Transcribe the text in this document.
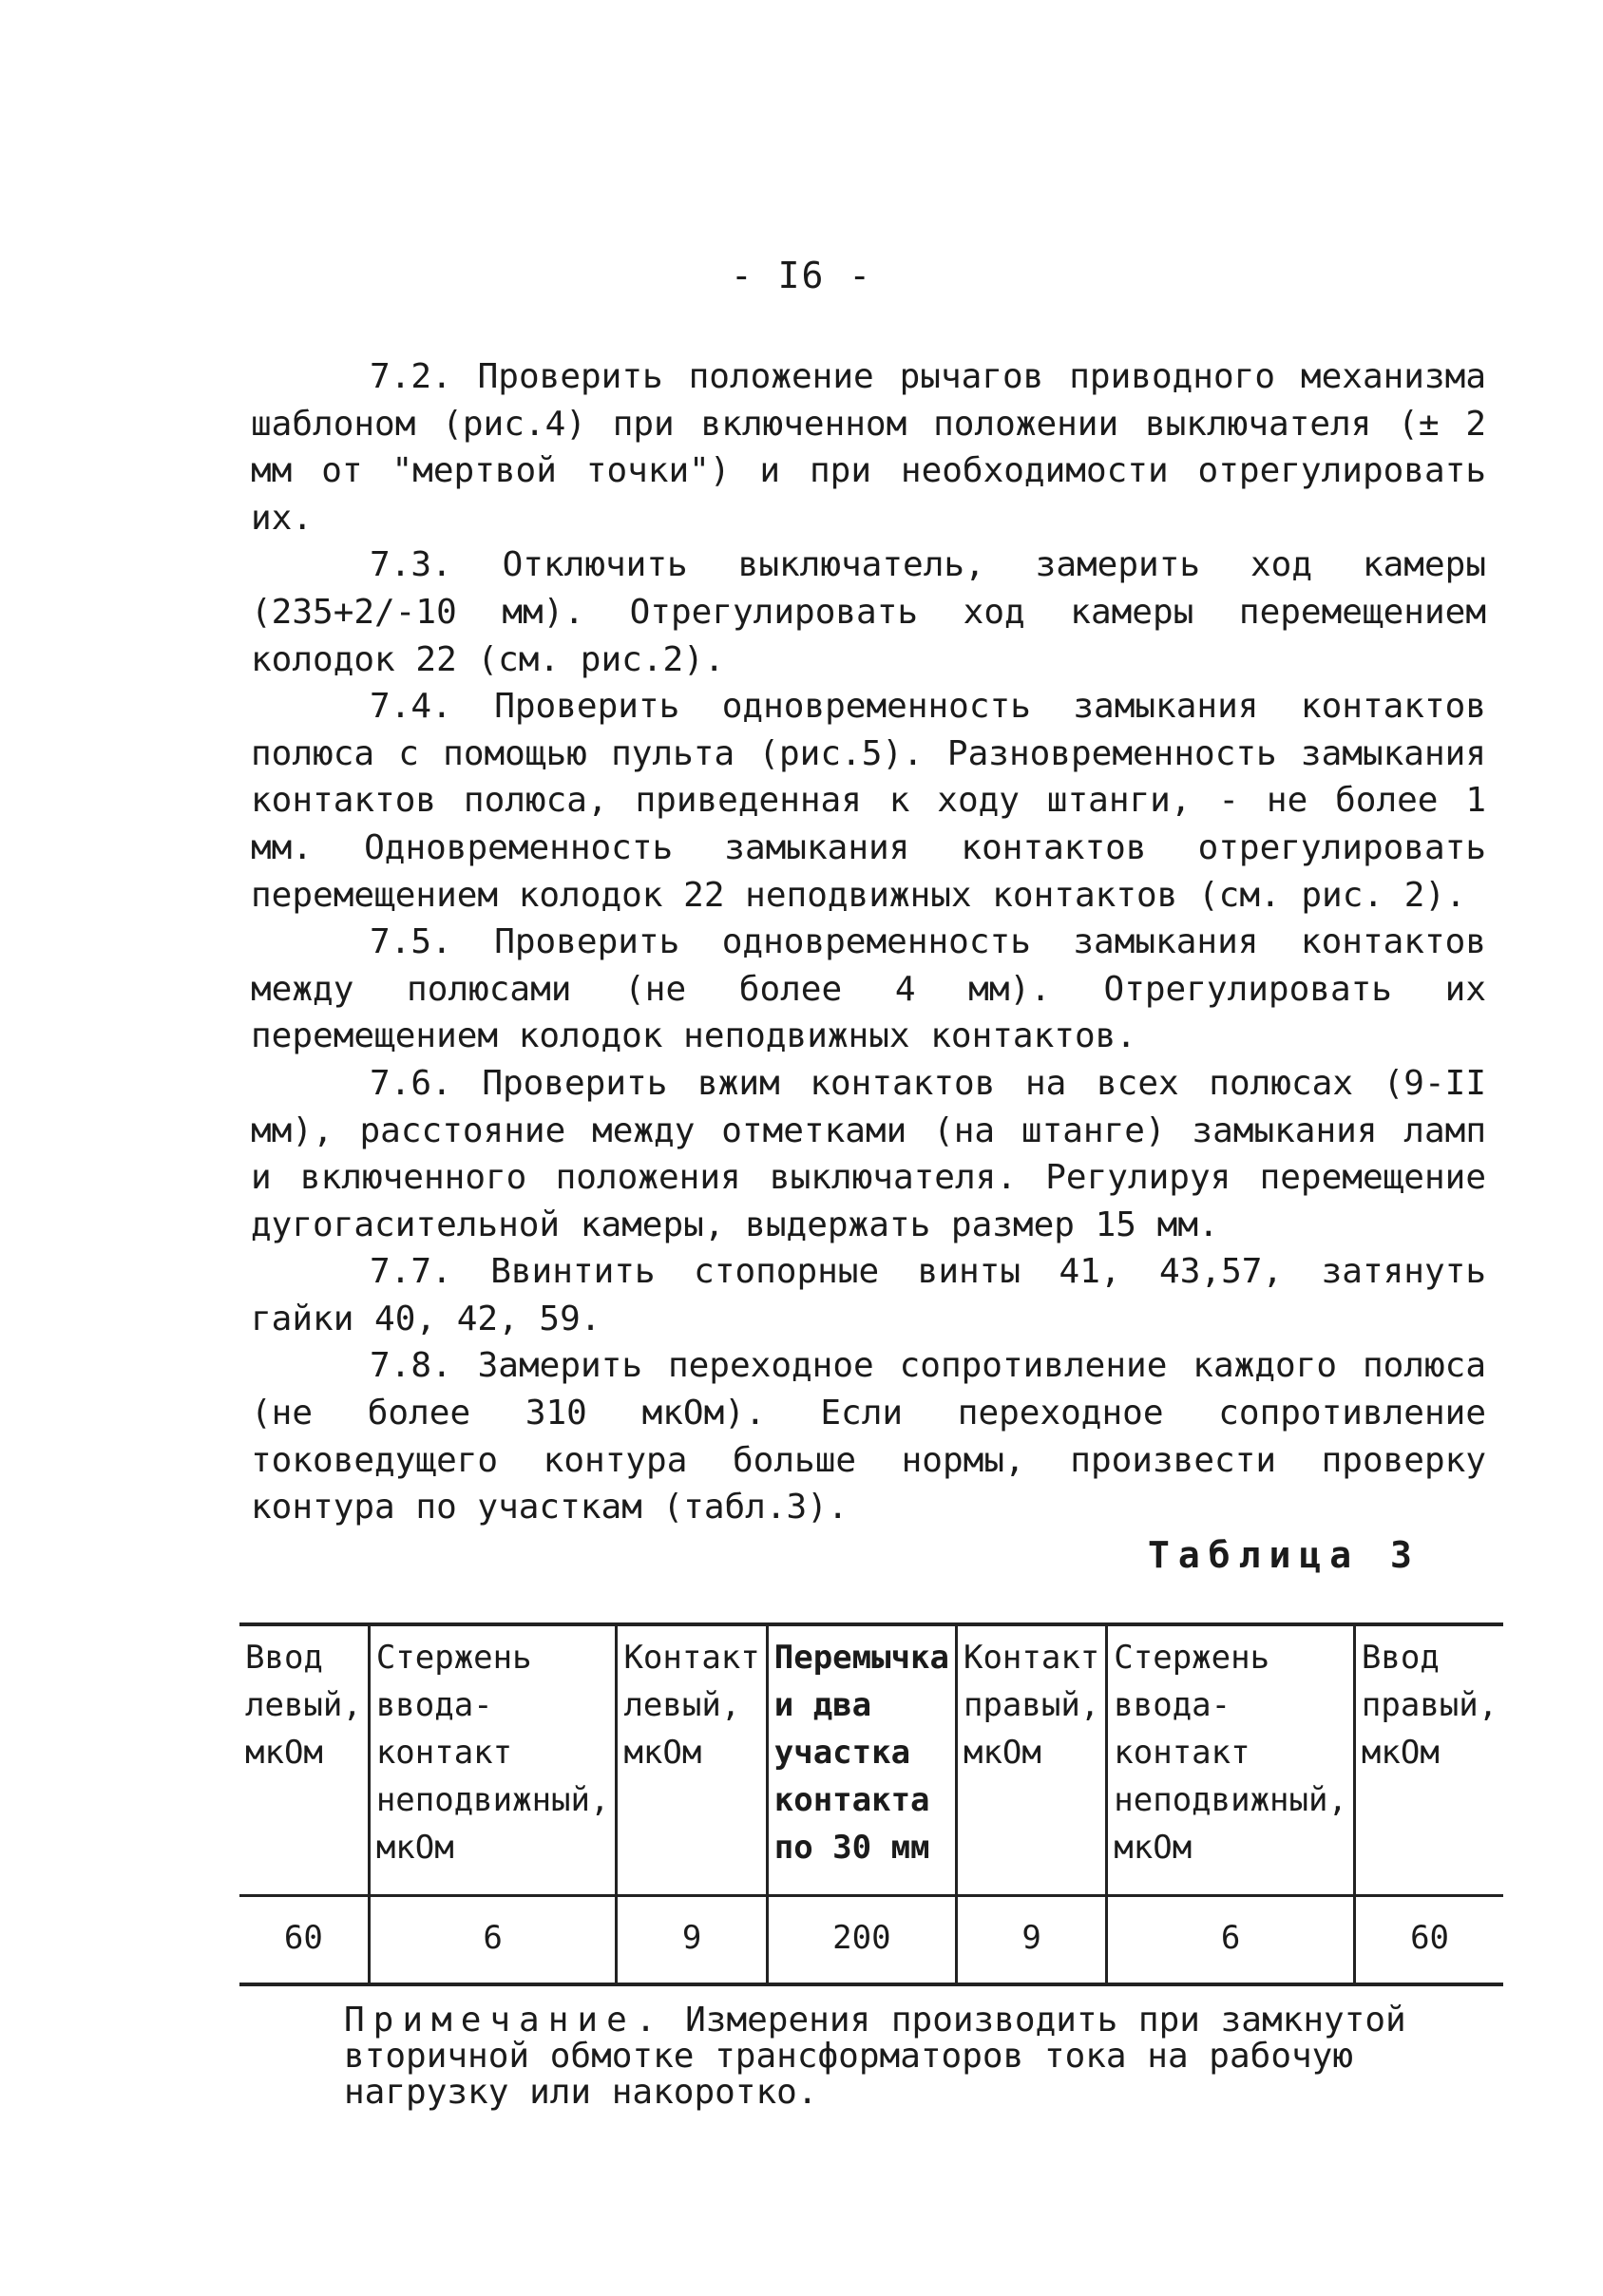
- I6 -

7.2. Проверить положение рычагов приводного механизма шаблоном (рис.4) при включенном положении выключателя (± 2 мм от "мертвой точки") и при необходимости отрегулировать их.

7.3. Отключить выключатель, замерить ход камеры (235+2/-10 мм). Отрегулировать ход камеры перемещением колодок 22 (см. рис.2).

7.4. Проверить одновременность замыкания контактов полюса с помощью пульта (рис.5). Разновременность замыкания контактов полюса, приведенная к ходу штанги, - не более 1 мм. Одновременность замыкания контактов отрегулировать перемещением колодок 22 неподвижных контактов (см. рис. 2).

7.5. Проверить одновременность замыкания контактов между полюсами (не более 4 мм). Отрегулировать их перемещением колодок неподвижных контактов.

7.6. Проверить вжим контактов на всех полюсах (9-II мм), расстояние между отметками (на штанге) замыкания ламп и включенного положения выключателя. Регулируя перемещение дугогасительной камеры, выдержать размер 15 мм.

7.7. Ввинтить стопорные винты 41, 43,57, затянуть гайки 40, 42, 59.

7.8. Замерить переходное сопротивление каждого полюса (не более 310 мкОм). Если переходное сопротивление токоведущего контура больше нормы, произвести проверку контура по участкам (табл.3).

Таблица 3
Ввод левый, мкОм	Стержень ввода-контакт неподвижный, мкОм	Контакт левый, мкОм	Перемычка и два участка контакта по 30 мм	Контакт правый, мкОм	Стержень ввода-контакт неподвижный, мкОм	Ввод правый, мкОм
60	6	9	200	9	6	60
Примечание. Измерения производить при замкнутой вторичной обмотке трансформаторов тока на рабочую нагрузку или накоротко.
